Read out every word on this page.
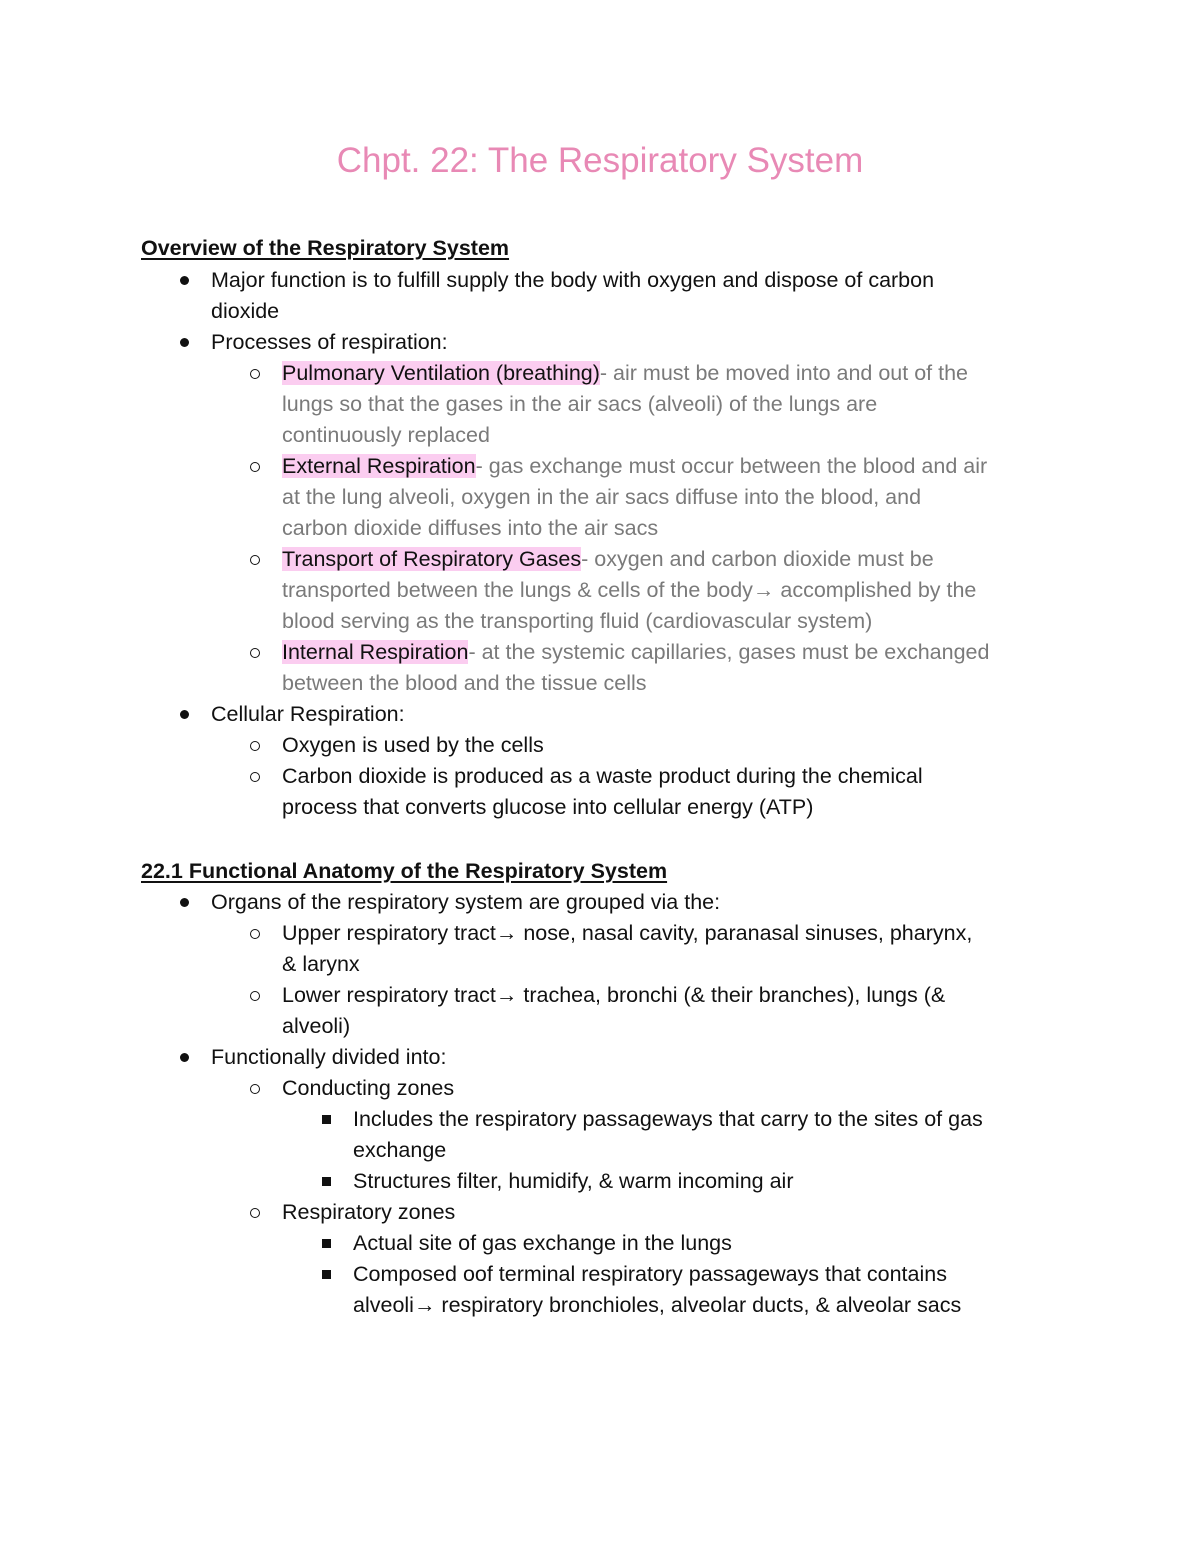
Chpt. 22: The Respiratory System
Overview of the Respiratory System
Major function is to fulfill supply the body with oxygen and dispose of carbon
dioxide
Processes of respiration:
Pulmonary Ventilation (breathing)- air must be moved into and out of the
lungs so that the gases in the air sacs (alveoli) of the lungs are
continuously replaced
External Respiration- gas exchange must occur between the blood and air
at the lung alveoli, oxygen in the air sacs diffuse into the blood, and
carbon dioxide diffuses into the air sacs
Transport of Respiratory Gases- oxygen and carbon dioxide must be
transported between the lungs & cells of the body→ accomplished by the
blood serving as the transporting fluid (cardiovascular system)
Internal Respiration- at the systemic capillaries, gases must be exchanged
between the blood and the tissue cells
Cellular Respiration:
Oxygen is used by the cells
Carbon dioxide is produced as a waste product during the chemical
process that converts glucose into cellular energy (ATP)
22.1 Functional Anatomy of the Respiratory System
Organs of the respiratory system are grouped via the:
Upper respiratory tract→ nose, nasal cavity, paranasal sinuses, pharynx,
& larynx
Lower respiratory tract→ trachea, bronchi (& their branches), lungs (&
alveoli)
Functionally divided into:
Conducting zones
Includes the respiratory passageways that carry to the sites of gas
exchange
Structures filter, humidify, & warm incoming air
Respiratory zones
Actual site of gas exchange in the lungs
Composed oof terminal respiratory passageways that contains
alveoli→ respiratory bronchioles, alveolar ducts, & alveolar sacs
